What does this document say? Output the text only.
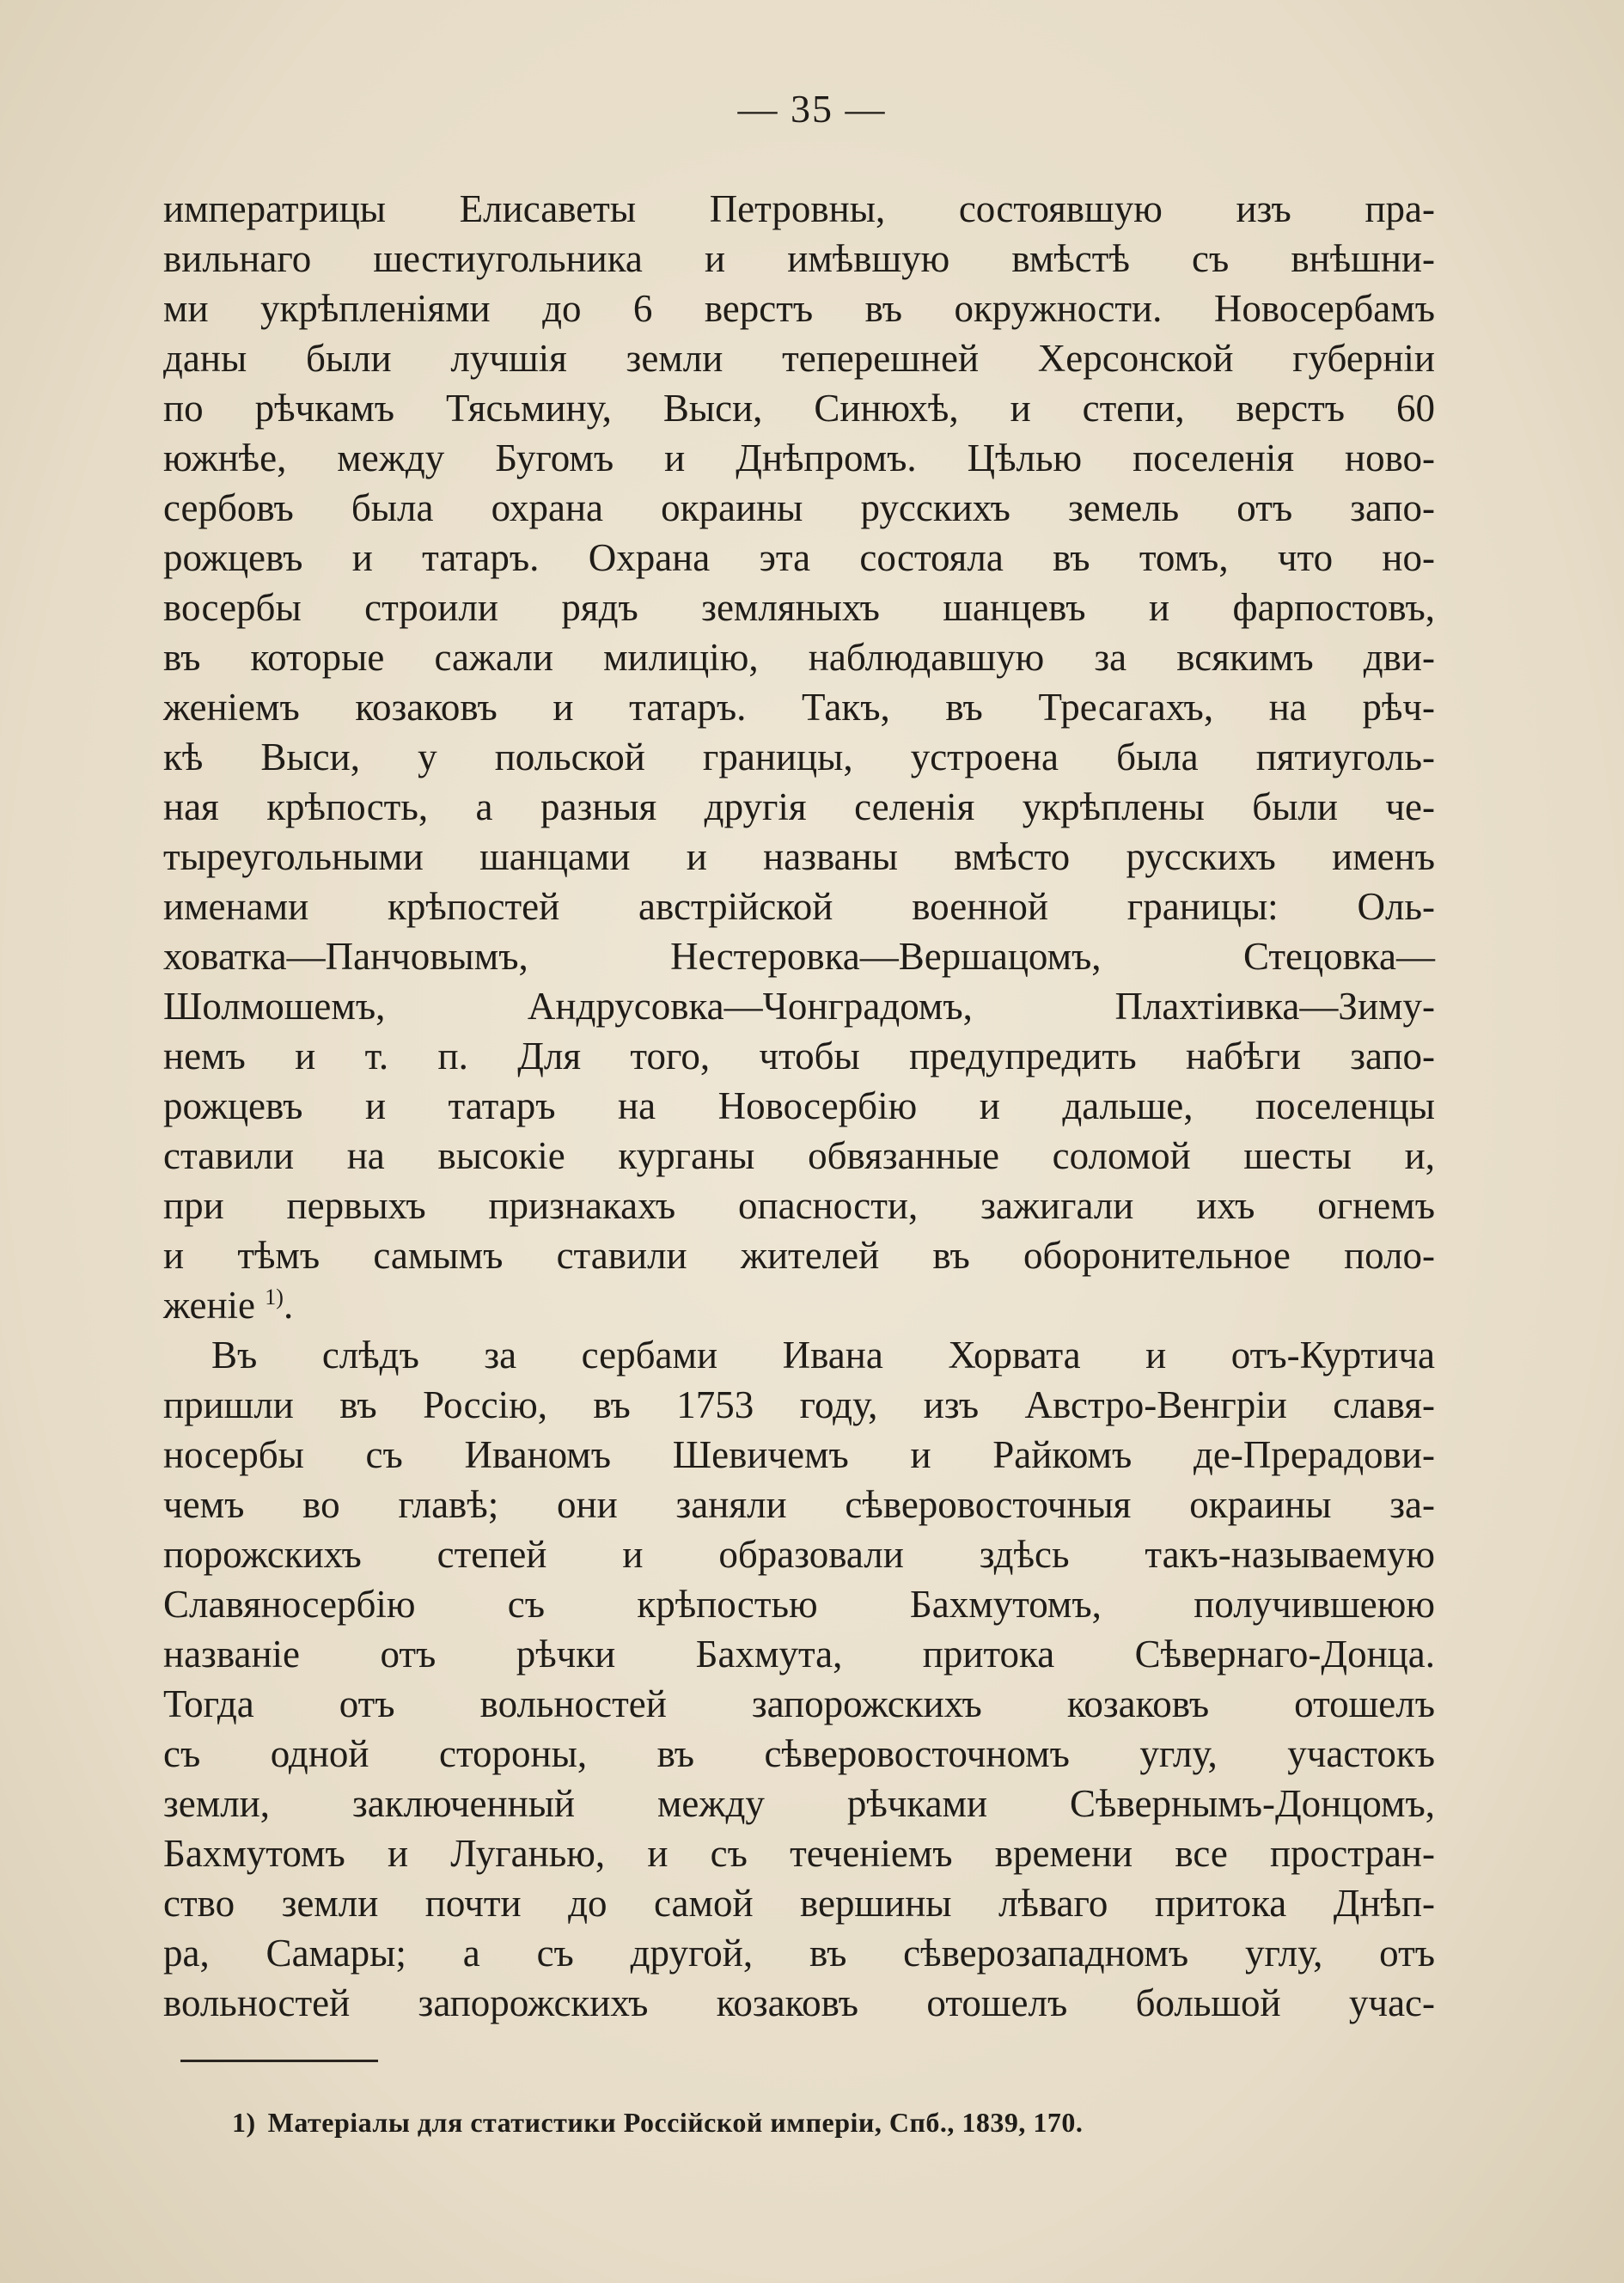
— 35 —
императрицы Елисаветы Петровны, состоявшую изъ пра-
вильнаго шестиугольника и имѣвшую вмѣстѣ съ внѣшни-
ми укрѣпленіями до 6 верстъ въ окружности. Новосербамъ
даны были лучшія земли теперешней Херсонской губерніи
по рѣчкамъ Тясьмину, Выси, Синюхѣ, и степи, верстъ 60
южнѣе, между Бугомъ и Днѣпромъ. Цѣлью поселенія ново-
сербовъ была охрана окраины русскихъ земель отъ запо-
рожцевъ и татаръ. Охрана эта состояла въ томъ, что но-
восербы строили рядъ земляныхъ шанцевъ и фарпостовъ,
въ которые сажали милицію, наблюдавшую за всякимъ дви-
женіемъ козаковъ и татаръ. Такъ, въ Тресагахъ, на рѣч-
кѣ Выси, у польской границы, устроена была пятиуголь-
ная крѣпость, а разныя другія селенія укрѣплены были че-
тыреугольными шанцами и названы вмѣсто русскихъ именъ
именами крѣпостей австрійской военной границы: Оль-
ховатка—Панчовымъ, Нестеровка—Вершацомъ, Стецовка—
Шолмошемъ, Андрусовка—Чонградомъ, Плахтіивка—Зиму-
немъ и т. п. Для того, чтобы предупредить набѣги запо-
рожцевъ и татаръ на Новосербію и дальше, поселенцы
ставили на высокіе курганы обвязанные соломой шесты и,
при первыхъ признакахъ опасности, зажигали ихъ огнемъ
и тѣмъ самымъ ставили жителей въ оборонительное поло-
женіе $^{1)}$.
Въ слѣдъ за сербами Ивана Хорвата и отъ-Куртича
пришли въ Россію, въ 1753 году, изъ Австро-Венгріи славя-
носербы съ Иваномъ Шевичемъ и Райкомъ де-Прерадови-
чемъ во главѣ; они заняли сѣверовосточныя окраины за-
порожскихъ степей и образовали здѣсь такъ-называемую
Славяносербію съ крѣпостью Бахмутомъ, получившеюю
названіе отъ рѣчки Бахмута, притока Сѣвернаго-Донца.
Тогда отъ вольностей запорожскихъ козаковъ отошелъ
съ одной стороны, въ сѣверовосточномъ углу, участокъ
земли, заключенный между рѣчками Сѣвернымъ-Донцомъ,
Бахмутомъ и Луганью, и съ теченіемъ времени все простран-
ство земли почти до самой вершины лѣваго притока Днѣп-
ра, Самары; а съ другой, въ сѣверозападномъ углу, отъ
вольностей запорожскихъ козаковъ отошелъ большой учас-
1) Матеріалы для статистики Россійской имперіи, Спб., 1839, 170.
